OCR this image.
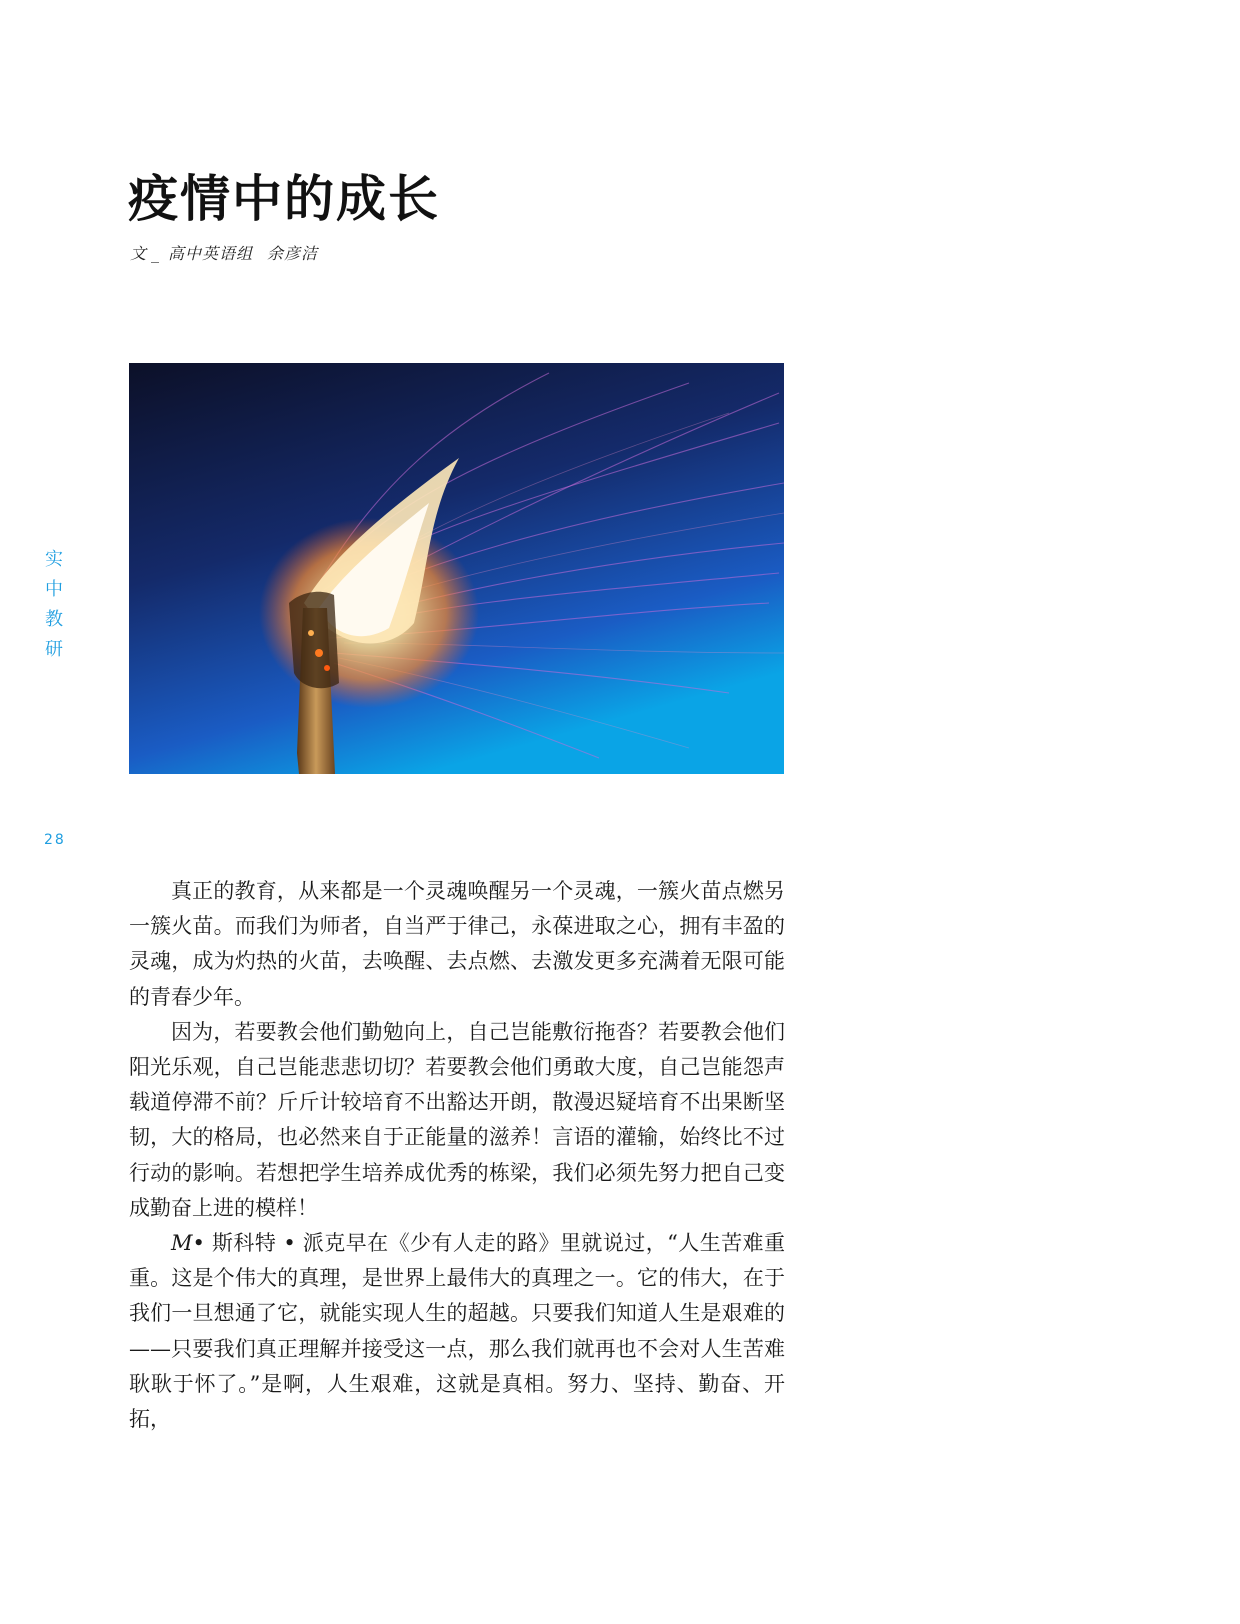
疫情中的成长
文 _ 高中英语组 余彦洁
实
中
教
研
28

真正的教育，从来都是一个灵魂唤醒另一个灵魂，一簇火苗点燃另一簇火苗。而我们为师者，自当严于律己，永葆进取之心，拥有丰盈的灵魂，成为灼热的火苗，去唤醒、去点燃、去激发更多充满着无限可能的青春少年。

因为，若要教会他们勤勉向上，自己岂能敷衍拖沓？若要教会他们阳光乐观，自己岂能悲悲切切？若要教会他们勇敢大度，自己岂能怨声载道停滞不前？斤斤计较培育不出豁达开朗，散漫迟疑培育不出果断坚韧，大的格局，也必然来自于正能量的滋养！言语的灌输，始终比不过行动的影响。若想把学生培养成优秀的栋梁，我们必须先努力把自己变成勤奋上进的模样！

M• 斯科特 • 派克早在《少有人走的路》里就说过，“人生苦难重重。这是个伟大的真理，是世界上最伟大的真理之一。它的伟大，在于我们一旦想通了它，就能实现人生的超越。只要我们知道人生是艰难的——只要我们真正理解并接受这一点，那么我们就再也不会对人生苦难耿耿于怀了。”是啊，人生艰难，这就是真相。努力、坚持、勤奋、开拓，
